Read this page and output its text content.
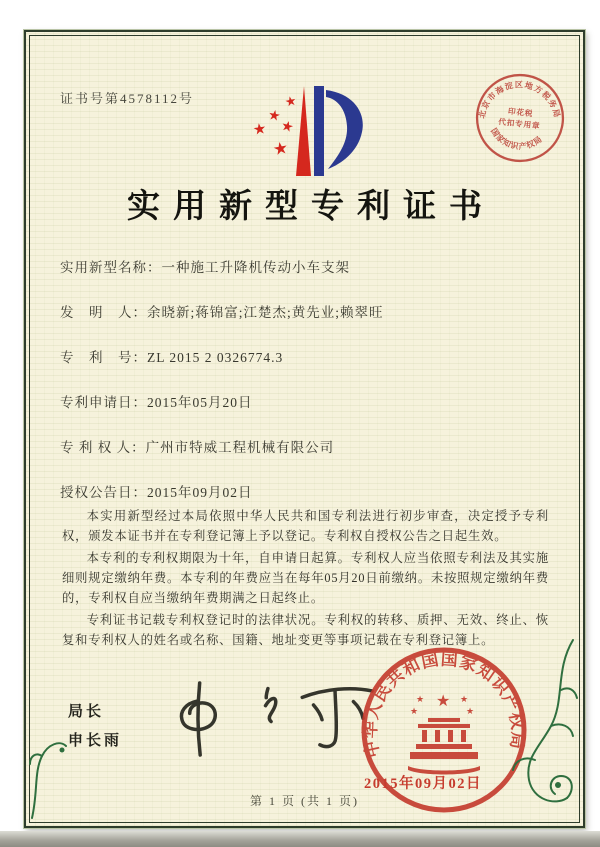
证书号第4578112号
北京市海淀区地方税务局
国家知识产权局
印花税
代扣专用章
★
★
★ ★
★
实用新型专利证书
实用新型名称：一种施工升降机传动小车支架
发　明　人：余晓新;蒋锦富;江楚杰;黄先业;赖翠旺
专　利　号：ZL 2015 2 0326774.3
专利申请日：2015年05月20日
专 利 权 人：广州市特威工程机械有限公司
授权公告日：2015年09月02日

本实用新型经过本局依照中华人民共和国专利法进行初步审查，决定授予专利权，颁发本证书并在专利登记簿上予以登记。专利权自授权公告之日起生效。

本专利的专利权期限为十年，自申请日起算。专利权人应当依照专利法及其实施细则规定缴纳年费。本专利的年费应当在每年05月20日前缴纳。未按照规定缴纳年费的，专利权自应当缴纳年费期满之日起终止。

专利证书记载专利权登记时的法律状况。专利权的转移、质押、无效、终止、恢复和专利权人的姓名或名称、国籍、地址变更等事项记载在专利登记簿上。

局长
申长雨	中华人民共和国国家知识产权局
★
★	★
★	★
2015年09月02日
第 1 页 (共 1 页)
